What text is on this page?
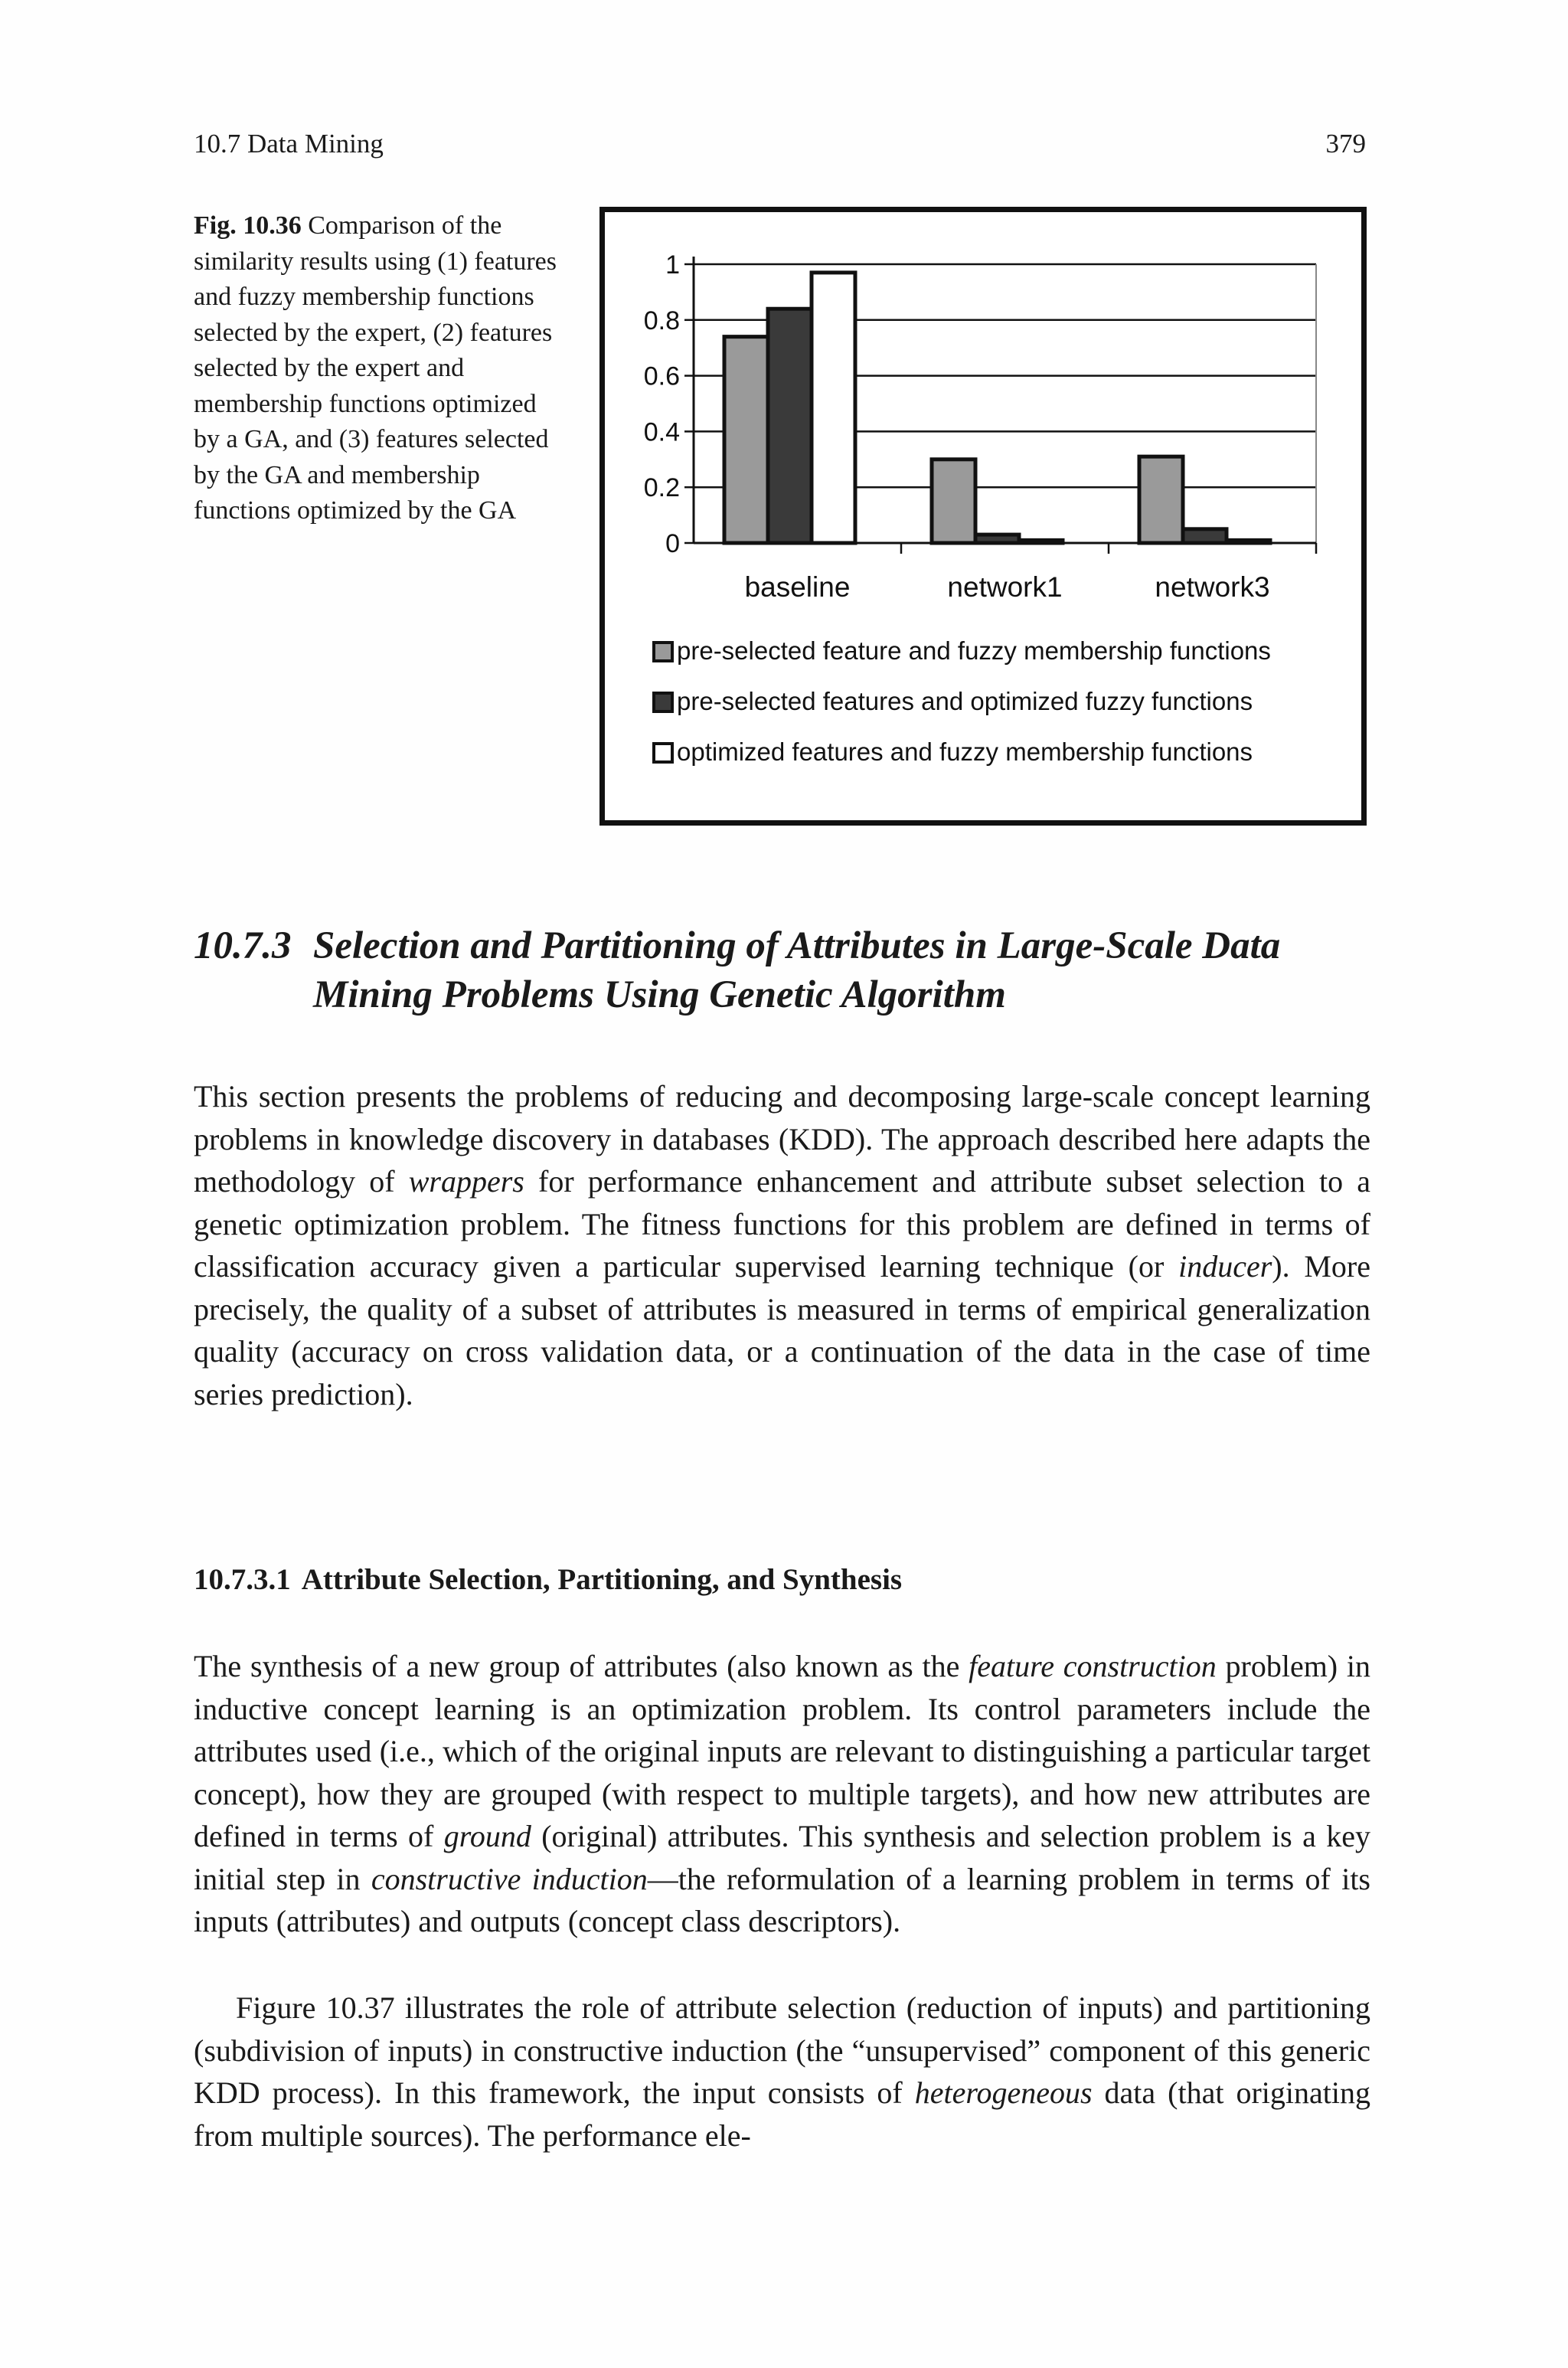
10.7 Data Mining	379
Fig. 10.36 Comparison of the similarity results using (1) features and fuzzy membership functions selected by the expert, (2) features selected by the expert and membership functions optimized by a GA, and (3) features selected by the GA and membership functions optimized by the GA
0
0.2
0.4
0.6
0.8
1
baseline	network1	network3
pre-selected feature and fuzzy membership functions
pre-selected features and optimized fuzzy functions
optimized features and fuzzy membership functions
10.7.3 Selection and Partitioning of Attributes in Large-Scale Data
Mining Problems Using Genetic Algorithm

This section presents the problems of reducing and decomposing large-scale concept learning problems in knowledge discovery in databases (KDD). The approach described here adapts the methodology of wrappers for performance enhancement and attribute subset selection to a genetic optimization problem. The fitness functions for this problem are defined in terms of classification accuracy given a particular supervised learning technique (or inducer). More precisely, the quality of a subset of attributes is measured in terms of empirical generalization quality (accuracy on cross validation data, or a continuation of the data in the case of time series prediction).

10.7.3.1 Attribute Selection, Partitioning, and Synthesis

The synthesis of a new group of attributes (also known as the feature construction problem) in inductive concept learning is an optimization problem. Its control parameters include the attributes used (i.e., which of the original inputs are relevant to distinguishing a particular target concept), how they are grouped (with respect to multiple targets), and how new attributes are defined in terms of ground (original) attributes. This synthesis and selection problem is a key initial step in constructive induction—the reformulation of a learning problem in terms of its inputs (attributes) and outputs (concept class descriptors).

Figure 10.37 illustrates the role of attribute selection (reduction of inputs) and partitioning (subdivision of inputs) in constructive induction (the “unsupervised” component of this generic KDD process). In this framework, the input consists of heterogeneous data (that originating from multiple sources). The performance ele-
